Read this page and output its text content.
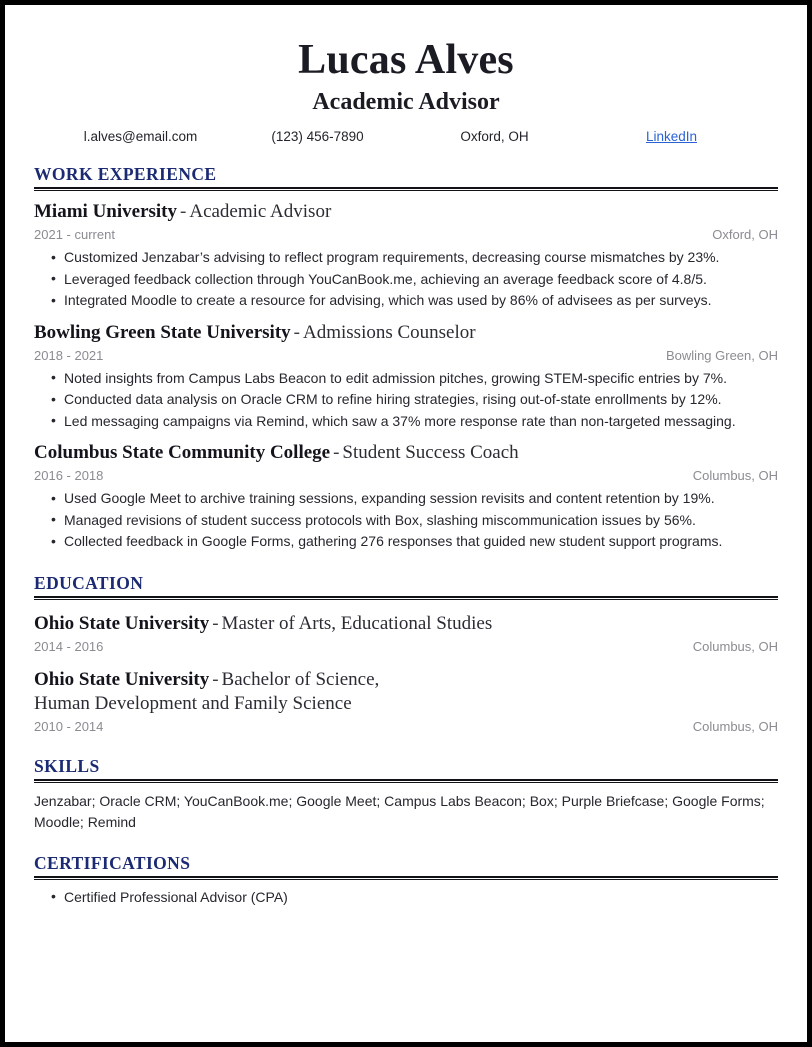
Lucas Alves
Academic Advisor
l.alves@email.com	(123) 456-7890	Oxford, OH	LinkedIn
WORK EXPERIENCE
Miami University - Academic Advisor
2021 - current	Oxford, OH
• Customized Jenzabar’s advising to reflect program requirements, decreasing course mismatches by 23%.
• Leveraged feedback collection through YouCanBook.me, achieving an average feedback score of 4.8/5.
• Integrated Moodle to create a resource for advising, which was used by 86% of advisees as per surveys.
Bowling Green State University - Admissions Counselor
2018 - 2021	Bowling Green, OH
• Noted insights from Campus Labs Beacon to edit admission pitches, growing STEM-specific entries by 7%.
• Conducted data analysis on Oracle CRM to refine hiring strategies, rising out-of-state enrollments by 12%.
• Led messaging campaigns via Remind, which saw a 37% more response rate than non-targeted messaging.
Columbus State Community College - Student Success Coach
2016 - 2018	Columbus, OH
• Used Google Meet to archive training sessions, expanding session revisits and content retention by 19%.
• Managed revisions of student success protocols with Box, slashing miscommunication issues by 56%.
• Collected feedback in Google Forms, gathering 276 responses that guided new student support programs.
EDUCATION
Ohio State University - Master of Arts, Educational Studies
2014 - 2016	Columbus, OH
Ohio State University - Bachelor of Science,
Human Development and Family Science
2010 - 2014	Columbus, OH
SKILLS
Jenzabar; Oracle CRM; YouCanBook.me; Google Meet; Campus Labs Beacon; Box; Purple Briefcase; Google Forms; Moodle; Remind
CERTIFICATIONS
• Certified Professional Advisor (CPA)
